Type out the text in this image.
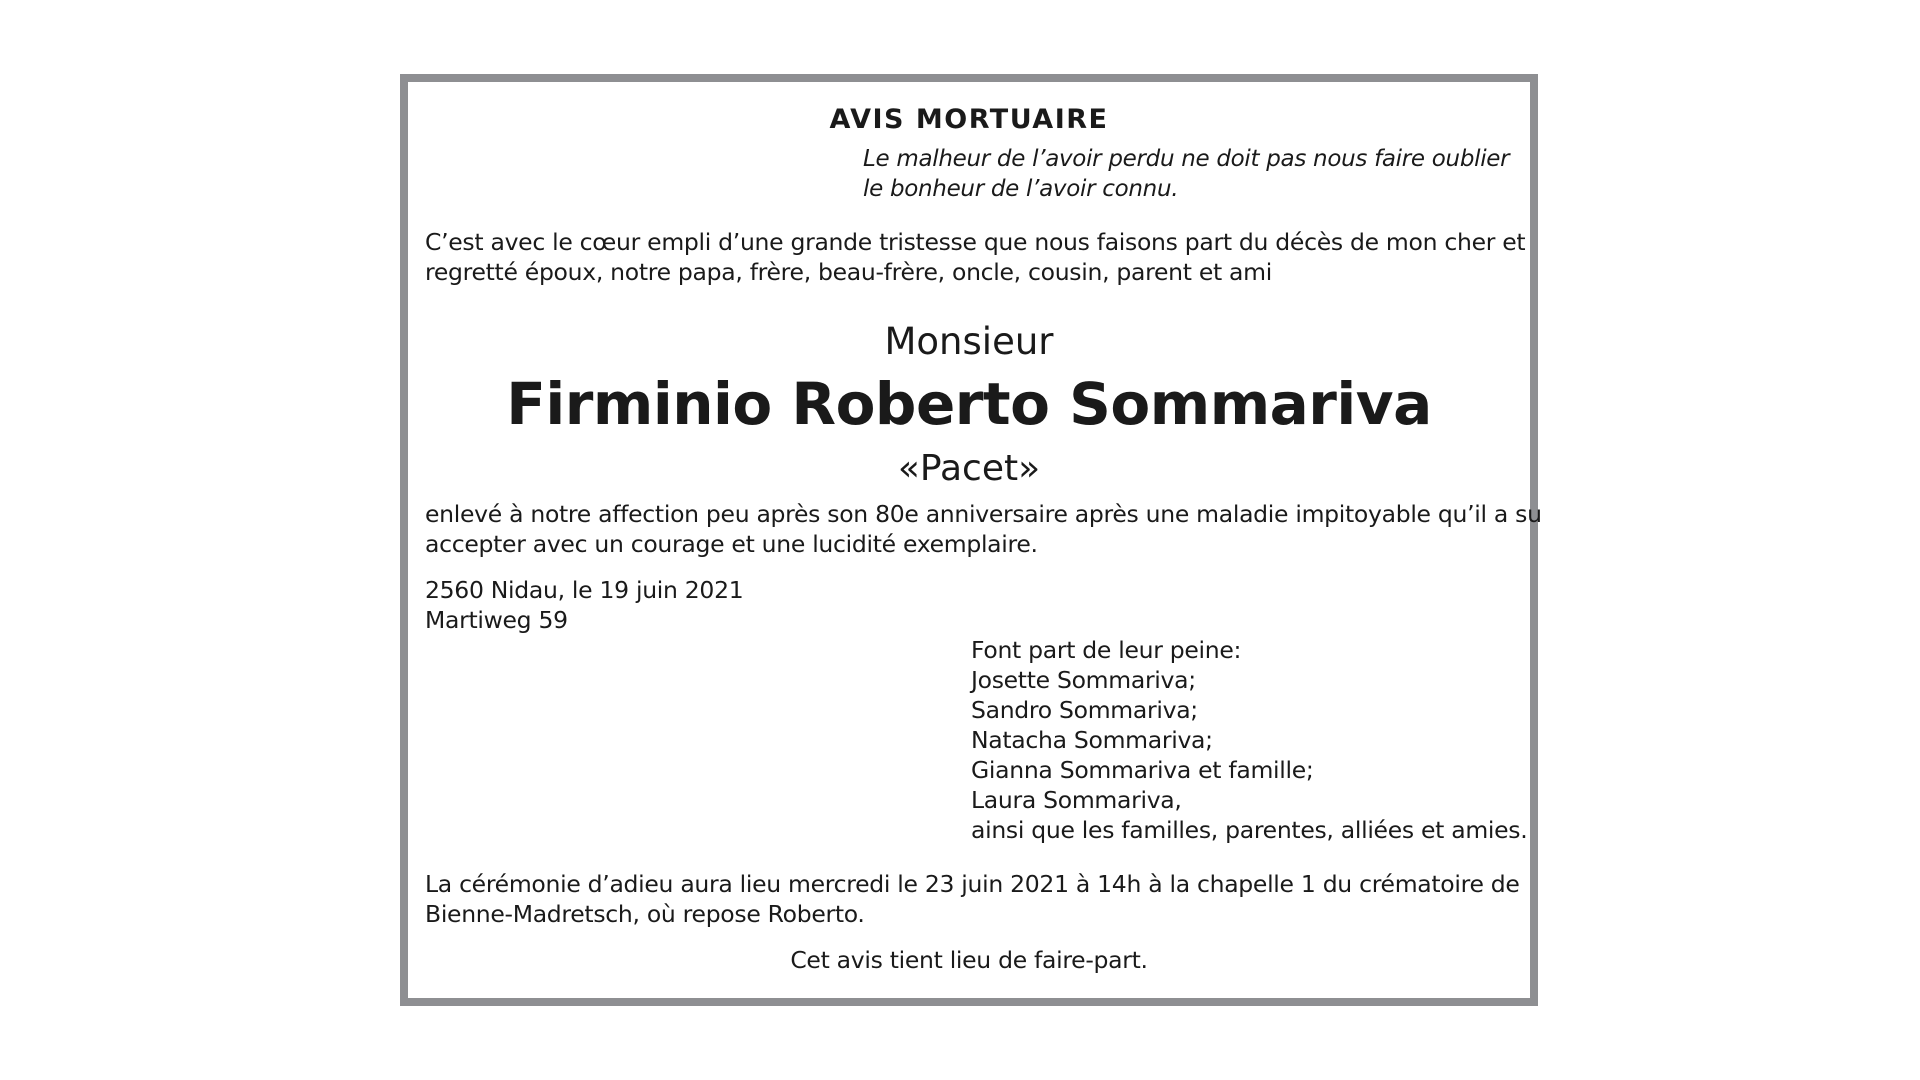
AVIS MORTUAIRE

Le malheur de l’avoir perdu ne doit pas nous faire oublier

le bonheur de l’avoir connu.

C’est avec le cœur empli d’une grande tristesse que nous faisons part du décès de mon cher et

regretté époux, notre papa, frère, beau-frère, oncle, cousin, parent et ami

Monsieur

Firminio Roberto Sommariva

«Pacet»

enlevé à notre affection peu après son 80e anniversaire après une maladie impitoyable qu’il a su

accepter avec un courage et une lucidité exemplaire.

2560 Nidau, le 19 juin 2021

Martiweg 59

Font part de leur peine:

Josette Sommariva;

Sandro Sommariva;

Natacha Sommariva;

Gianna Sommariva et famille;

Laura Sommariva,

ainsi que les familles, parentes, alliées et amies.

La cérémonie d’adieu aura lieu mercredi le 23 juin 2021 à 14h à la chapelle 1 du crématoire de

Bienne-Madretsch, où repose Roberto.

Cet avis tient lieu de faire-part.
